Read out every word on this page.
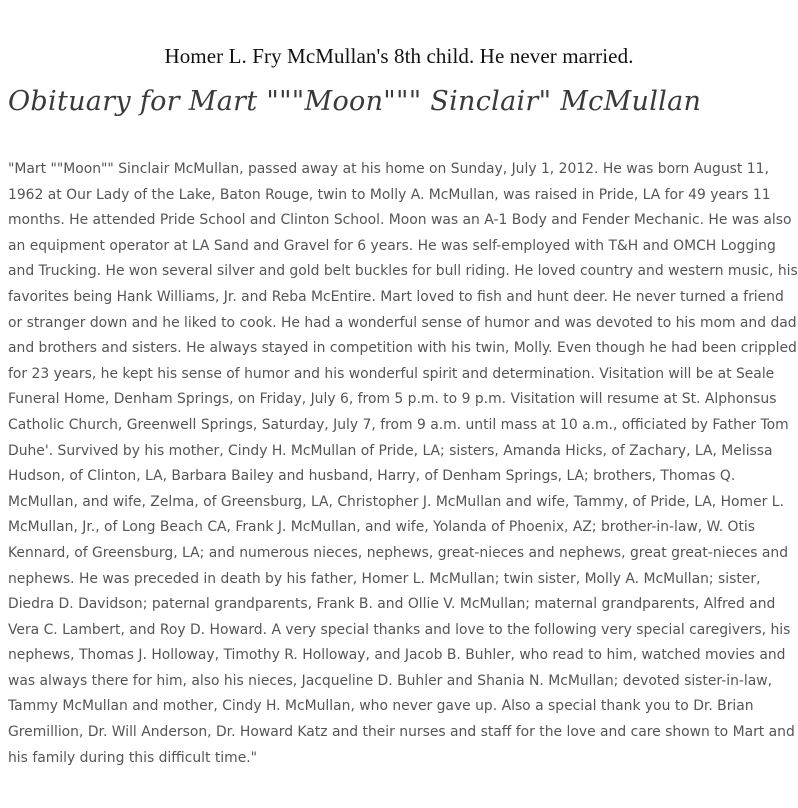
Homer L. Fry McMullan's 8th child. He never married.
Obituary for Mart """Moon""" Sinclair" McMullan

"Mart ""Moon"" Sinclair McMullan, passed away at his home on Sunday, July 1, 2012. He was born August 11, 1962 at Our Lady of the Lake, Baton Rouge, twin to Molly A. McMullan, was raised in Pride, LA for 49 years 11 months. He attended Pride School and Clinton School. Moon was an A-1 Body and Fender Mechanic. He was also an equipment operator at LA Sand and Gravel for 6 years. He was self-employed with T&H and OMCH Logging and Trucking. He won several silver and gold belt buckles for bull riding. He loved country and western music, his favorites being Hank Williams, Jr. and Reba McEntire. Mart loved to fish and hunt deer. He never turned a friend or stranger down and he liked to cook. He had a wonderful sense of humor and was devoted to his mom and dad and brothers and sisters. He always stayed in competition with his twin, Molly. Even though he had been crippled for 23 years, he kept his sense of humor and his wonderful spirit and determination. Visitation will be at Seale Funeral Home, Denham Springs, on Friday, July 6, from 5 p.m. to 9 p.m. Visitation will resume at St. Alphonsus Catholic Church, Greenwell Springs, Saturday, July 7, from 9 a.m. until mass at 10 a.m., officiated by Father Tom Duhe'. Survived by his mother, Cindy H. McMullan of Pride, LA; sisters, Amanda Hicks, of Zachary, LA, Melissa Hudson, of Clinton, LA, Barbara Bailey and husband, Harry, of Denham Springs, LA; brothers, Thomas Q. McMullan, and wife, Zelma, of Greensburg, LA, Christopher J. McMullan and wife, Tammy, of Pride, LA, Homer L. McMullan, Jr., of Long Beach CA, Frank J. McMullan, and wife, Yolanda of Phoenix, AZ; brother-in-law, W. Otis Kennard, of Greensburg, LA; and numerous nieces, nephews, great-nieces and nephews, great great-nieces and nephews. He was preceded in death by his father, Homer L. McMullan; twin sister, Molly A. McMullan; sister, Diedra D. Davidson; paternal grandparents, Frank B. and Ollie V. McMullan; maternal grandparents, Alfred and Vera C. Lambert, and Roy D. Howard. A very special thanks and love to the following very special caregivers, his nephews, Thomas J. Holloway, Timothy R. Holloway, and Jacob B. Buhler, who read to him, watched movies and was always there for him, also his nieces, Jacqueline D. Buhler and Shania N. McMullan; devoted sister-in-law, Tammy McMullan and mother, Cindy H. McMullan, who never gave up. Also a special thank you to Dr. Brian Gremillion, Dr. Will Anderson, Dr. Howard Katz and their nurses and staff for the love and care shown to Mart and his family during this difficult time."
